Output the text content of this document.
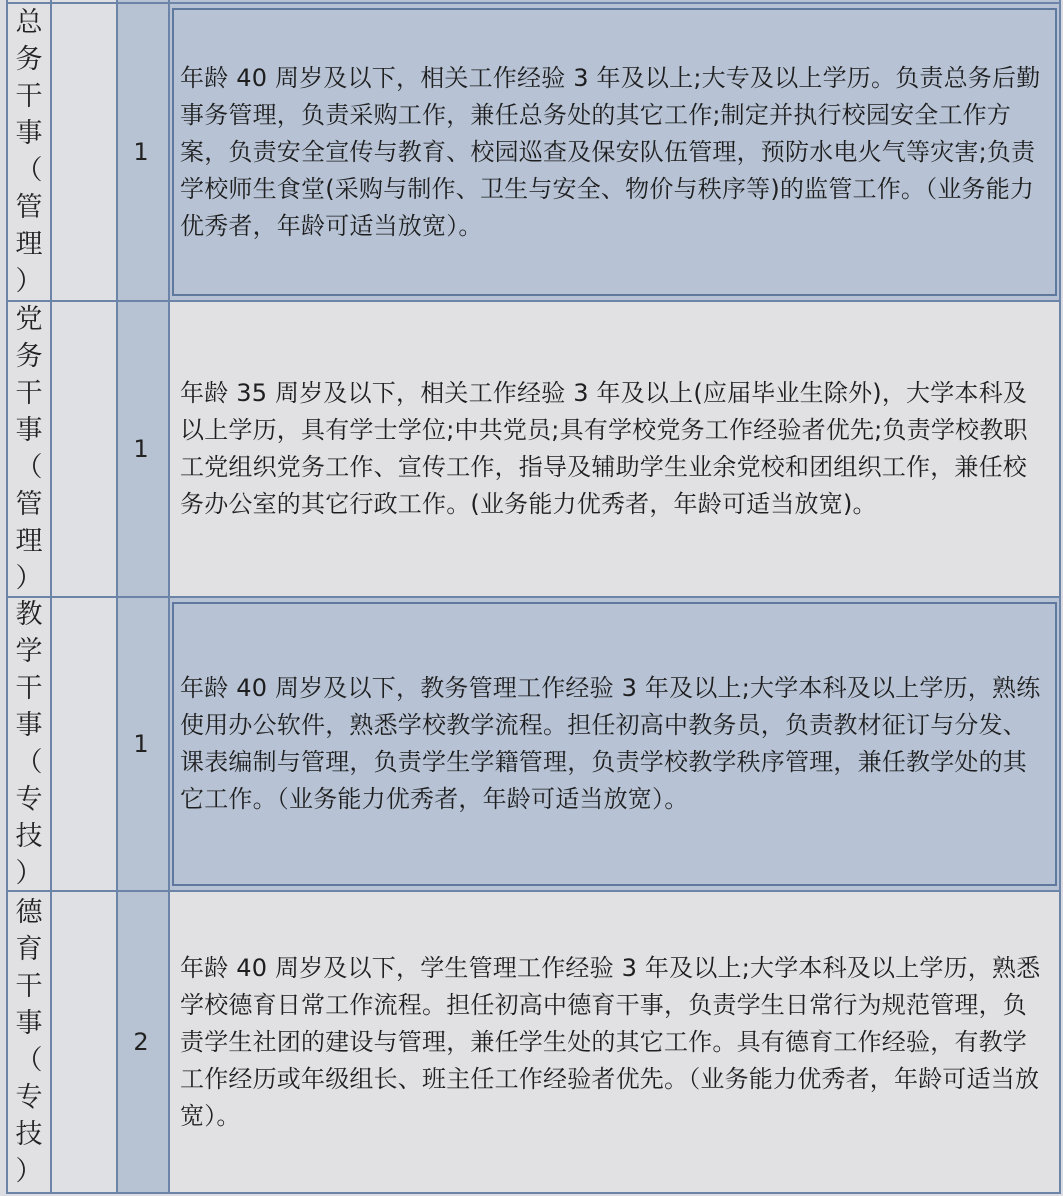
总
务
干
事
（
管
理
）
1
年龄 40 周岁及以下，相关工作经验 3 年及以上;大专及以上学历。负责总务后勤事务管理，负责采购工作，兼任总务处的其它工作;制定并执行校园安全工作方案，负责安全宣传与教育、校园巡查及保安队伍管理，预防水电火气等灾害;负责学校师生食堂(采购与制作、卫生与安全、物价与秩序等)的监管工作。（业务能力优秀者，年龄可适当放宽）。
党
务
干
事
（
管
理
）
1
年龄 35 周岁及以下，相关工作经验 3 年及以上(应届毕业生除外)，大学本科及以上学历，具有学士学位;中共党员;具有学校党务工作经验者优先;负责学校教职工党组织党务工作、宣传工作，指导及辅助学生业余党校和团组织工作，兼任校务办公室的其它行政工作。(业务能力优秀者，年龄可适当放宽)。
教
学
干
事
（
专
技
）
1
年龄 40 周岁及以下，教务管理工作经验 3 年及以上;大学本科及以上学历，熟练使用办公软件，熟悉学校教学流程。担任初高中教务员，负责教材征订与分发、课表编制与管理，负责学生学籍管理，负责学校教学秩序管理，兼任教学处的其它工作。（业务能力优秀者，年龄可适当放宽）。
德
育
干
事
（
专
技
）
2
年龄 40 周岁及以下，学生管理工作经验 3 年及以上;大学本科及以上学历，熟悉学校德育日常工作流程。担任初高中德育干事，负责学生日常行为规范管理，负责学生社团的建设与管理，兼任学生处的其它工作。具有德育工作经验，有教学工作经历或年级组长、班主任工作经验者优先。（业务能力优秀者，年龄可适当放宽）。
